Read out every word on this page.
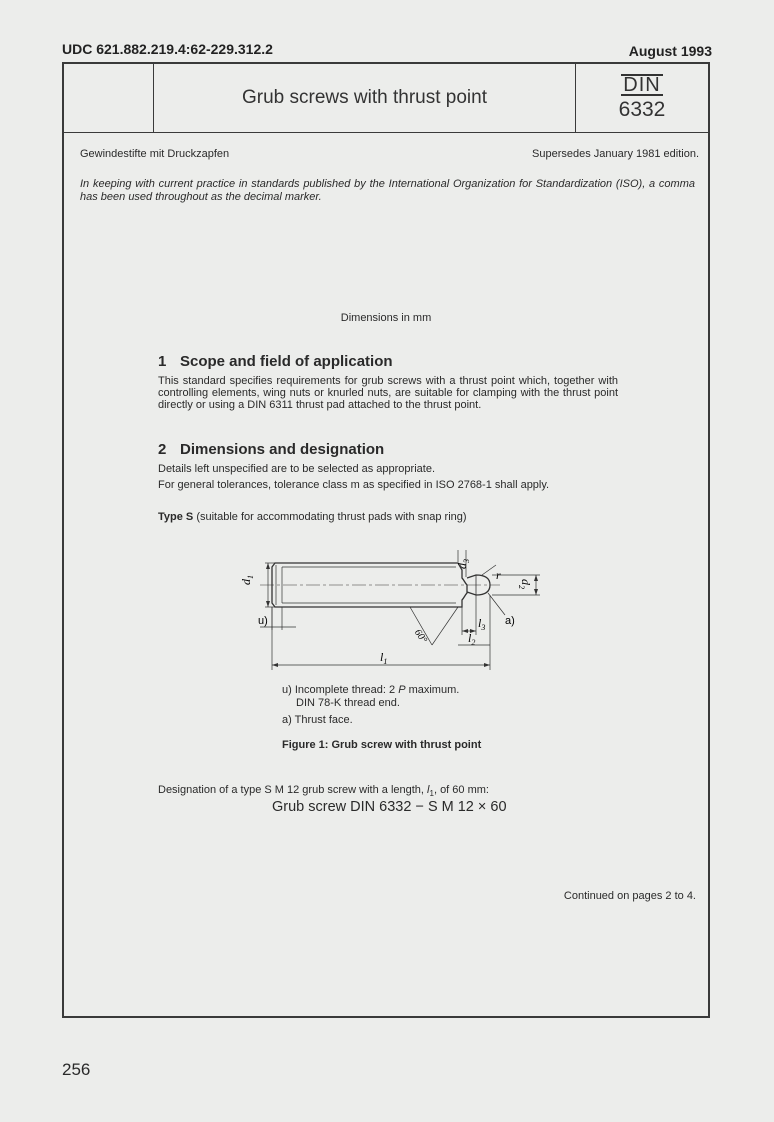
UDC 621.882.219.4:62-229.312.2	August 1993
Grub screws with thrust point
DIN
6332
Gewindestifte mit Druckzapfen	Supersedes January 1981 edition.
In keeping with current practice in standards published by the International Organization for Standardization (ISO), a comma has been used throughout as the decimal marker.
Dimensions in mm
1 Scope and field of application
This standard specifies requirements for grub screws with a thrust point which, together with controlling elements, wing nuts or knurled nuts, are suitable for clamping with the thrust point directly or using a DIN 6311 thrust pad attached to the thrust point.
2 Dimensions and designation
Details left unspecified are to be selected as appropriate.
For general tolerances, tolerance class m as specified in ISO 2768-1 shall apply.
Type S (suitable for accommodating thrust pads with snap ring)
$d_1$
$d_2$
$d_3$
r
u)	a)
60°
$l_3$
$l_2$
$l_1$
u) Incomplete thread: 2 P maximum.
DIN 78-K thread end.
a) Thrust face.
Figure 1: Grub screw with thrust point
Designation of a type S M 12 grub screw with a length, $l_1$, of 60 mm:
Grub screw DIN 6332 − S M 12 × 60
Continued on pages 2 to 4.
256
